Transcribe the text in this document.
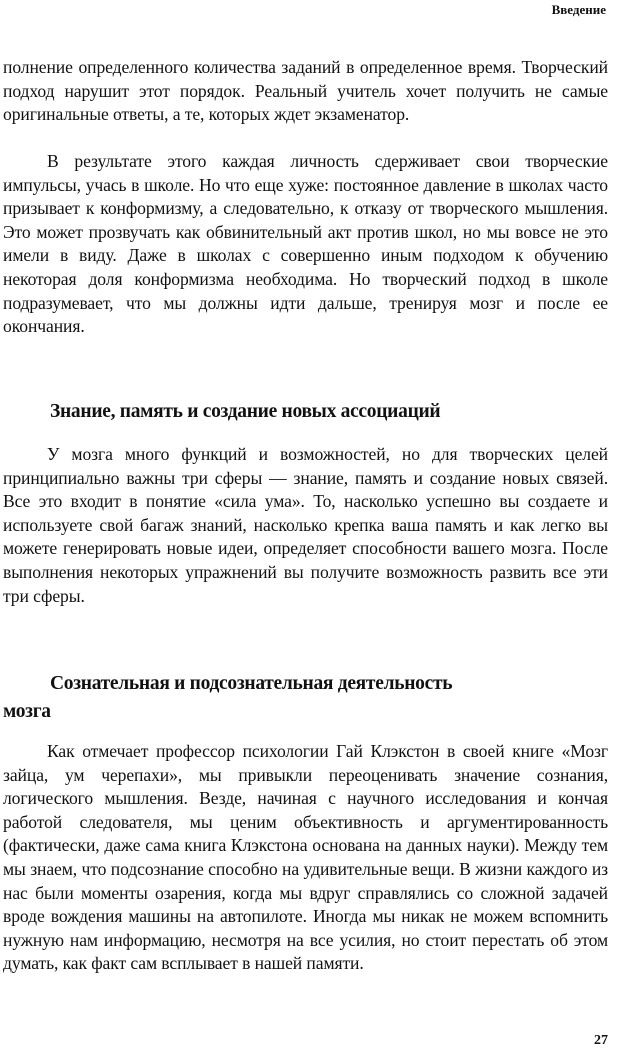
Введение

полнение определенного количества заданий в определенное время. Творческий подход нарушит этот порядок. Реальный учитель хочет получить не самые оригинальные ответы, а те, которых ждет экзаменатор.

В результате этого каждая личность сдерживает свои творческие импульсы, учась в школе. Но что еще хуже: постоянное давление в школах часто призывает к конформизму, а следовательно, к отказу от творческого мышления. Это может прозвучать как обвинительный акт против школ, но мы вовсе не это имели в виду. Даже в школах с совершенно иным подходом к обучению некоторая доля конформизма необходима. Но творческий подход в школе подразумевает, что мы должны идти дальше, тренируя мозг и после ее окончания.

Знание, память и создание новых ассоциаций

У мозга много функций и возможностей, но для творческих целей принципиально важны три сферы — знание, память и создание новых связей. Все это входит в понятие «сила ума». То, насколько успешно вы создаете и используете свой багаж знаний, насколько крепка ваша память и как легко вы можете генерировать новые идеи, определяет способности вашего мозга. После выполнения некоторых упражнений вы получите возможность развить все эти три сферы.

Сознательная и подсознательная деятельность
мозга

Как отмечает профессор психологии Гай Клэкстон в своей книге «Мозг зайца, ум черепахи», мы привыкли переоценивать значение сознания, логического мышления. Везде, начиная с научного исследования и кончая работой следователя, мы ценим объективность и аргументированность (фактически, даже сама книга Клэкстона основана на данных науки). Между тем мы знаем, что подсознание способно на удивительные вещи. В жизни каждого из нас были моменты озарения, когда мы вдруг справлялись со сложной задачей вроде вождения машины на автопилоте. Иногда мы никак не можем вспомнить нужную нам информацию, несмотря на все усилия, но стоит перестать об этом думать, как факт сам всплывает в нашей памяти.

27
